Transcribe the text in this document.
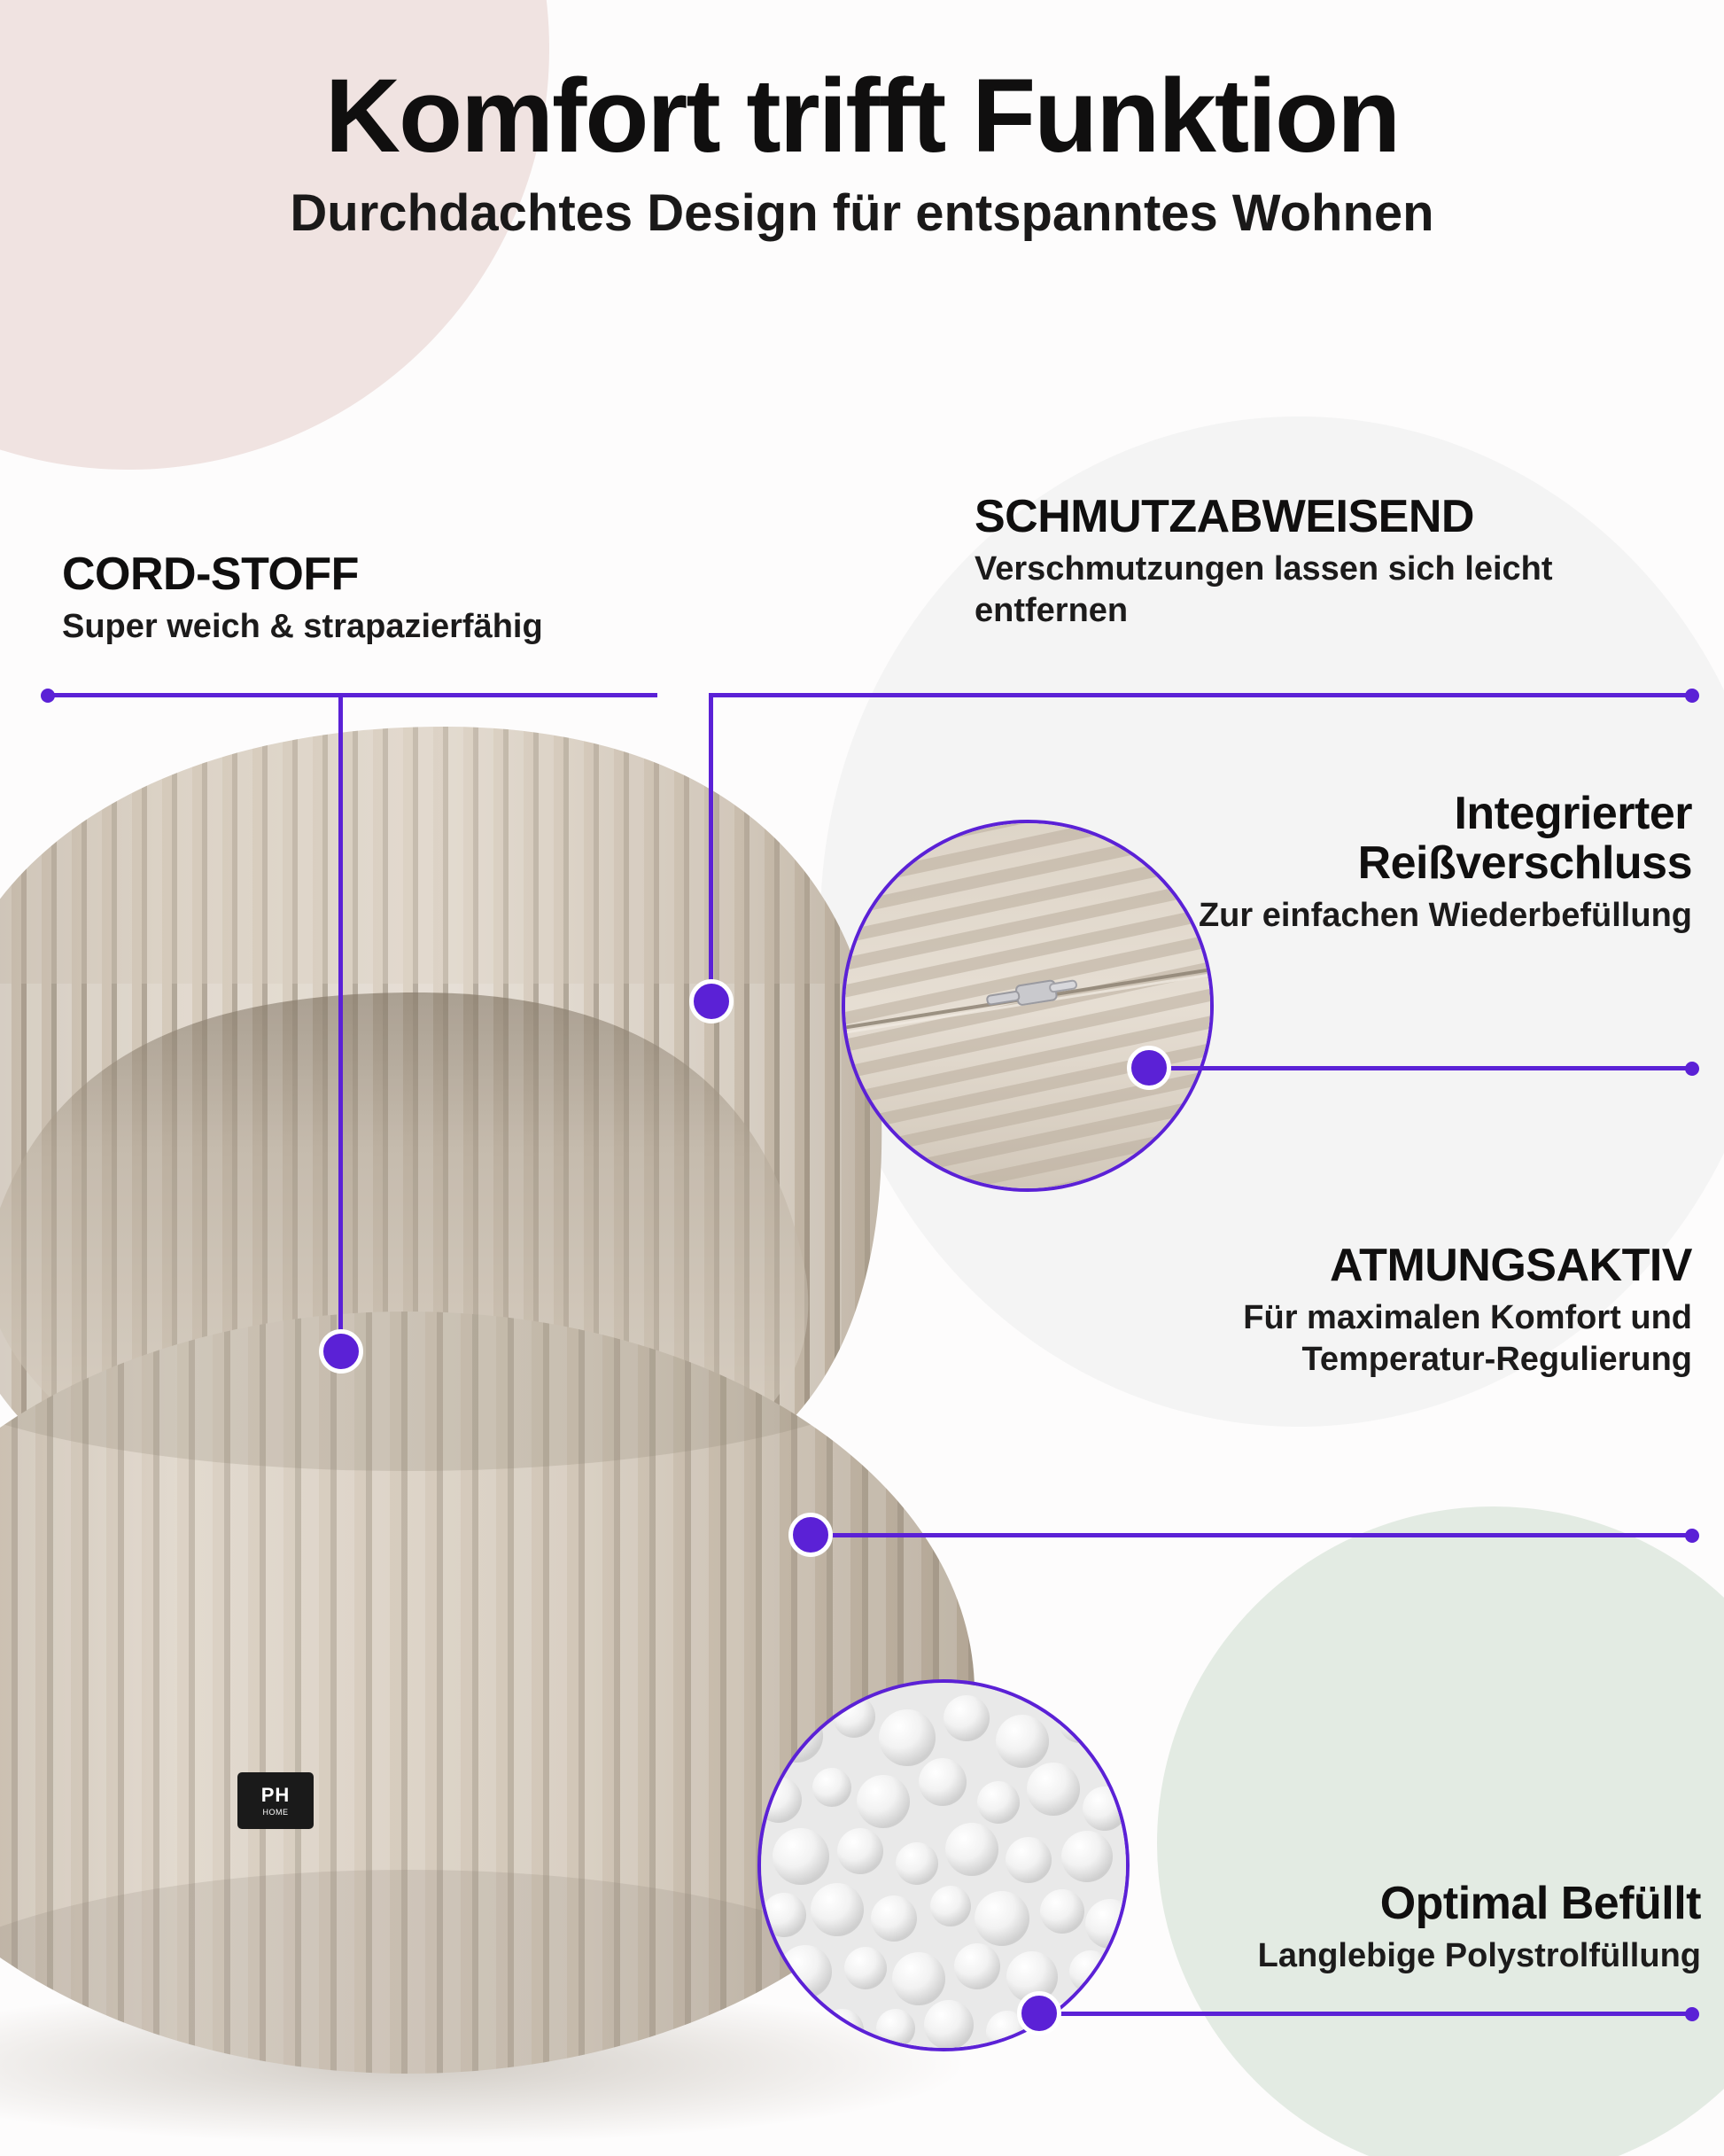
Komfort trifft Funktion

Durchdachtes Design für entspanntes Wohnen

PH
HOME

CORD-STOFF

Super weich & strapazierfähig

SCHMUTZABWEISEND

Verschmutzungen lassen sich leicht entfernen

Integrierter Reißverschluss

Zur einfachen Wiederbefüllung

ATMUNGSAKTIV

Für maximalen Komfort und Temperatur-Regulierung

Optimal Befüllt

Langlebige Polystrolfüllung
